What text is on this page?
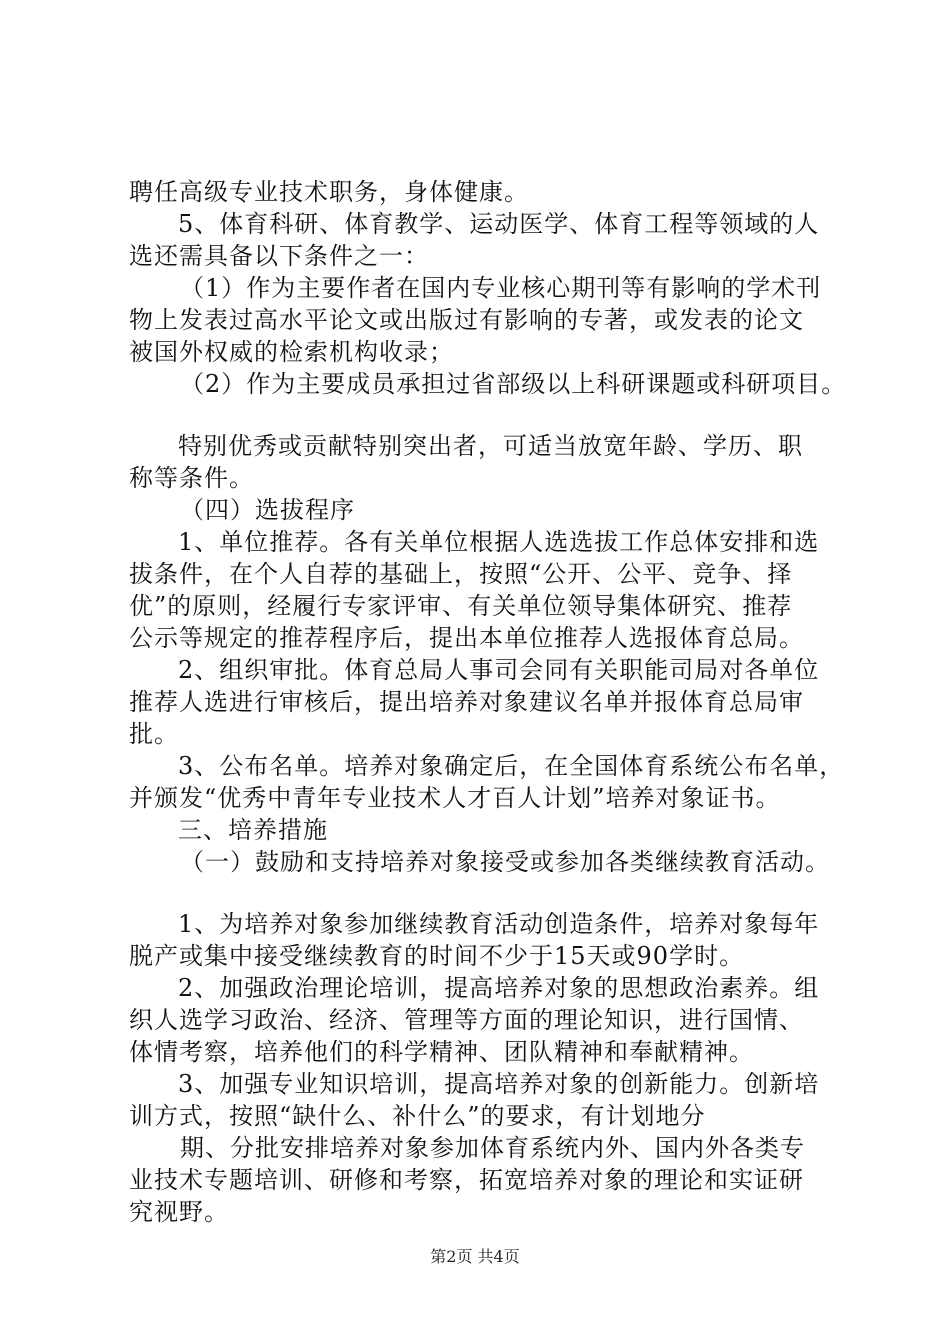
聘任高级专业技术职务，身体健康。
5、体育科研、体育教学、运动医学、体育工程等领域的人
选还需具备以下条件之一：
（1）作为主要作者在国内专业核心期刊等有影响的学术刊
物上发表过高水平论文或出版过有影响的专著，或发表的论文
被国外权威的检索机构收录；
（2）作为主要成员承担过省部级以上科研课题或科研项目。
特别优秀或贡献特别突出者，可适当放宽年龄、学历、职
称等条件。
（四）选拔程序
1、单位推荐。各有关单位根据人选选拔工作总体安排和选
拔条件，在个人自荐的基础上，按照“公开、公平、竞争、择
优”的原则，经履行专家评审、有关单位领导集体研究、推荐
公示等规定的推荐程序后，提出本单位推荐人选报体育总局。
2、组织审批。体育总局人事司会同有关职能司局对各单位
推荐人选进行审核后，提出培养对象建议名单并报体育总局审
批。
3、公布名单。培养对象确定后，在全国体育系统公布名单，
并颁发“优秀中青年专业技术人才百人计划”培养对象证书。
三、培养措施
（一）鼓励和支持培养对象接受或参加各类继续教育活动。
1、为培养对象参加继续教育活动创造条件，培养对象每年
脱产或集中接受继续教育的时间不少于15天或90学时。
2、加强政治理论培训，提高培养对象的思想政治素养。组
织人选学习政治、经济、管理等方面的理论知识，进行国情、
体情考察，培养他们的科学精神、团队精神和奉献精神。
3、加强专业知识培训，提高培养对象的创新能力。创新培
训方式，按照“缺什么、补什么”的要求，有计划地分
期、分批安排培养对象参加体育系统内外、国内外各类专
业技术专题培训、研修和考察，拓宽培养对象的理论和实证研
究视野。
第2页 共4页
